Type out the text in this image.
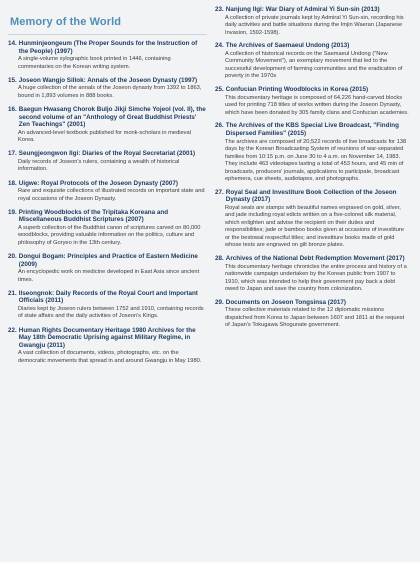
Memory of the World
14. Hunminjeongeum (The Proper Sounds for the Instruction of the People) (1997)
A single-volume xylographic book printed in 1446, containing commentaries on the Korean writing system.
15. Joseon Wangjo Sillok: Annals of the Joseon Dynasty (1997)
A huge collection of the annals of the Joseon dynasty from 1392 to 1863, bound in 1,893 volumes in 888 books.
16. Baegun Hwasang Chorok Buljo Jikji Simche Yojeol (vol. II), the second volume of an "Anthology of Great Buddhist Priests' Zen Teachings" (2001)
An advanced-level textbook published for monk-scholars in medieval Korea.
17. Seungjeongwon Ilgi: Diaries of the Royal Secretariat (2001)
Daily records of Joseon's rulers, containing a wealth of historical information.
18. Uigwe: Royal Protocols of the Joseon Dynasty (2007)
Rare and exquisite collections of illustrated records on important state and royal occasions of the Joseon Dynasty.
19. Printing Woodblocks of the Tripitaka Koreana and Miscellaneous Buddhist Scriptures (2007)
A superb collection of the Buddhist canon of scriptures carved on 80,000 woodblocks, providing valuable information on the politics, culture and philosophy of Goryeo in the 13th century.
20. Dongui Bogam: Principles and Practice of Eastern Medicine (2009)
An encyclopedic work on medicine developed in East Asia since ancient times.
21. Ilseongnok: Daily Records of the Royal Court and Important Officials (2011)
Diaries kept by Joseon rulers between 1752 and 1910, containing records of state affairs and the daily activities of Joseon's Kings.
22. Human Rights Documentary Heritage 1980 Archives for the May 18th Democratic Uprising against Military Regime, in Gwangju (2011)
A vast collection of documents, videos, photographs, etc. on the democratic movements that spread in and around Gwangju in May 1980.
23. Nanjung Ilgi: War Diary of Admiral Yi Sun-sin (2013)
A collection of private journals kept by Admiral Yi Sun-sin, recording his daily activities and battle situations during the Imjin Waeran (Japanese Invasion, 1592-1598).
24. The Archives of Saemaeul Undong (2013)
A collection of historical records on the Saemaeul Undong ("New Community Movement"), an exemplary movement that led to the successful development of farming communities and the eradication of poverty in the 1970s
25. Confucian Printing Woodblocks in Korea (2015)
This documentary heritage is composed of 64,226 hand-carved blocks used for printing 718 titles of works written during the Joseon Dynasty, which have been donated by 305 family clans and Confucian academies.
26. The Archives of the KBS Special Live Broadcast, "Finding Dispersed Families" (2015)
The archives are composed of 20,522 records of live broadcasts for 138 days by the Korean Broadcasting System of reunions of war-separated families from 10:15 p.m. on June 30 to 4 a.m. on November 14, 1983. They include 463 videotapes lasting a total of 453 hours, and 45 min of broadcasts, producers' journals, applications to participate, broadcast ephemera, cue sheets, audiotapes, and photographs.
27. Royal Seal and Investiture Book Collection of the Joseon Dynasty (2017)
Royal seals are stamps with beautiful names engraved on gold, silver, and jade including royal edicts written on a five-colored silk material, which enlighten and advise the recipient on their duties and responsibilities; jade or bamboo books given at occasions of investiture or the bestowal respectful titles; and investiture books made of gold whose texts are engraved on gilt bronze plates.
28. Archives of the National Debt Redemption Movement (2017)
This documentary heritage chronicles the entire process and history of a nationwide campaign undertaken by the Korean public from 1907 to 1910, which was intended to help their government pay back a debt owed to Japan and save the country from colonization.
29. Documents on Joseon Tongsinsa (2017)
These collective materials related to the 12 diplomatic missions dispatched from Korea to Japan between 1607 and 1811 at the request of Japan's Tokugawa Shogunate government.
